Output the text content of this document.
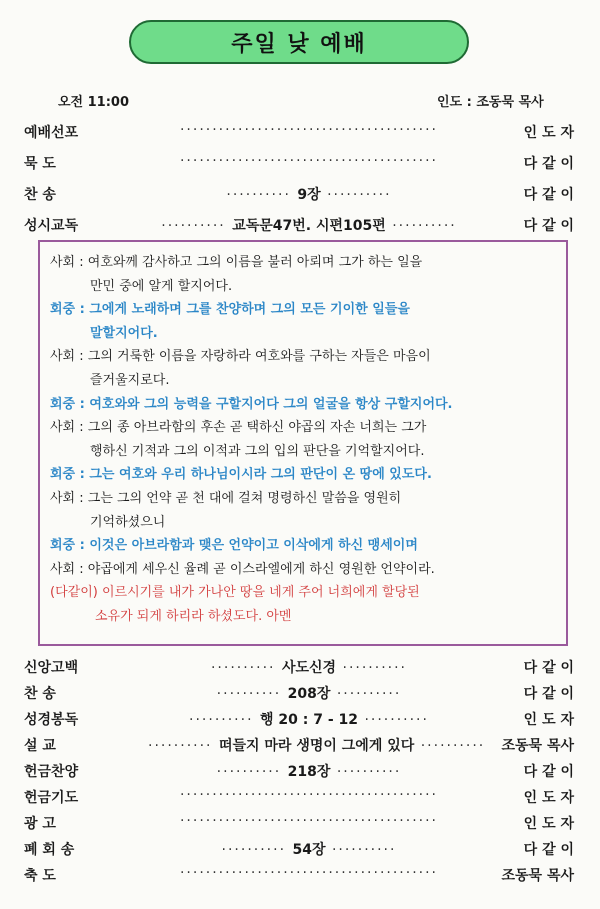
주일 낮 예배
오전 11:00	인도 : 조동묵 목사
예배선포	········································	인 도 자
묵 도	········································	다 같 이
찬 송	·········· 9장 ··········	다 같 이
성시교독	·········· 교독문47번. 시편105편 ··········	다 같 이
사회 : 여호와께 감사하고 그의 이름을 불러 아뢰며 그가 하는 일을
만민 중에 알게 할지어다.
회중 : 그에게 노래하며 그를 찬양하며 그의 모든 기이한 일들을
말할지어다.
사회 : 그의 거룩한 이름을 자랑하라 여호와를 구하는 자들은 마음이
즐거울지로다.
회중 : 여호와와 그의 능력을 구할지어다 그의 얼굴을 항상 구할지어다.
사회 : 그의 종 아브라함의 후손 곧 택하신 야곱의 자손 너희는 그가
행하신 기적과 그의 이적과 그의 입의 판단을 기억할지어다.
회중 : 그는 여호와 우리 하나님이시라 그의 판단이 온 땅에 있도다.
사회 : 그는 그의 언약 곧 천 대에 걸쳐 명령하신 말씀을 영원히
기억하셨으니
회중 : 이것은 아브라함과 맺은 언약이고 이삭에게 하신 맹세이며
사회 : 야곱에게 세우신 율례 곧 이스라엘에게 하신 영원한 언약이라.
(다같이) 이르시기를 내가 가나안 땅을 네게 주어 너희에게 할당된
소유가 되게 하리라 하셨도다. 아멘
신앙고백	·········· 사도신경 ··········	다 같 이
찬 송	·········· 208장 ··········	다 같 이
성경봉독	·········· 행 20 : 7 - 12 ··········	인 도 자
설 교	·········· 떠들지 마라 생명이 그에게 있다 ·········· 조동묵 목사
헌금찬양	·········· 218장 ··········	다 같 이
헌금기도	········································	인 도 자
광 고	········································	인 도 자
폐 회 송	·········· 54장 ··········	다 같 이
축 도	········································	조동묵 목사
